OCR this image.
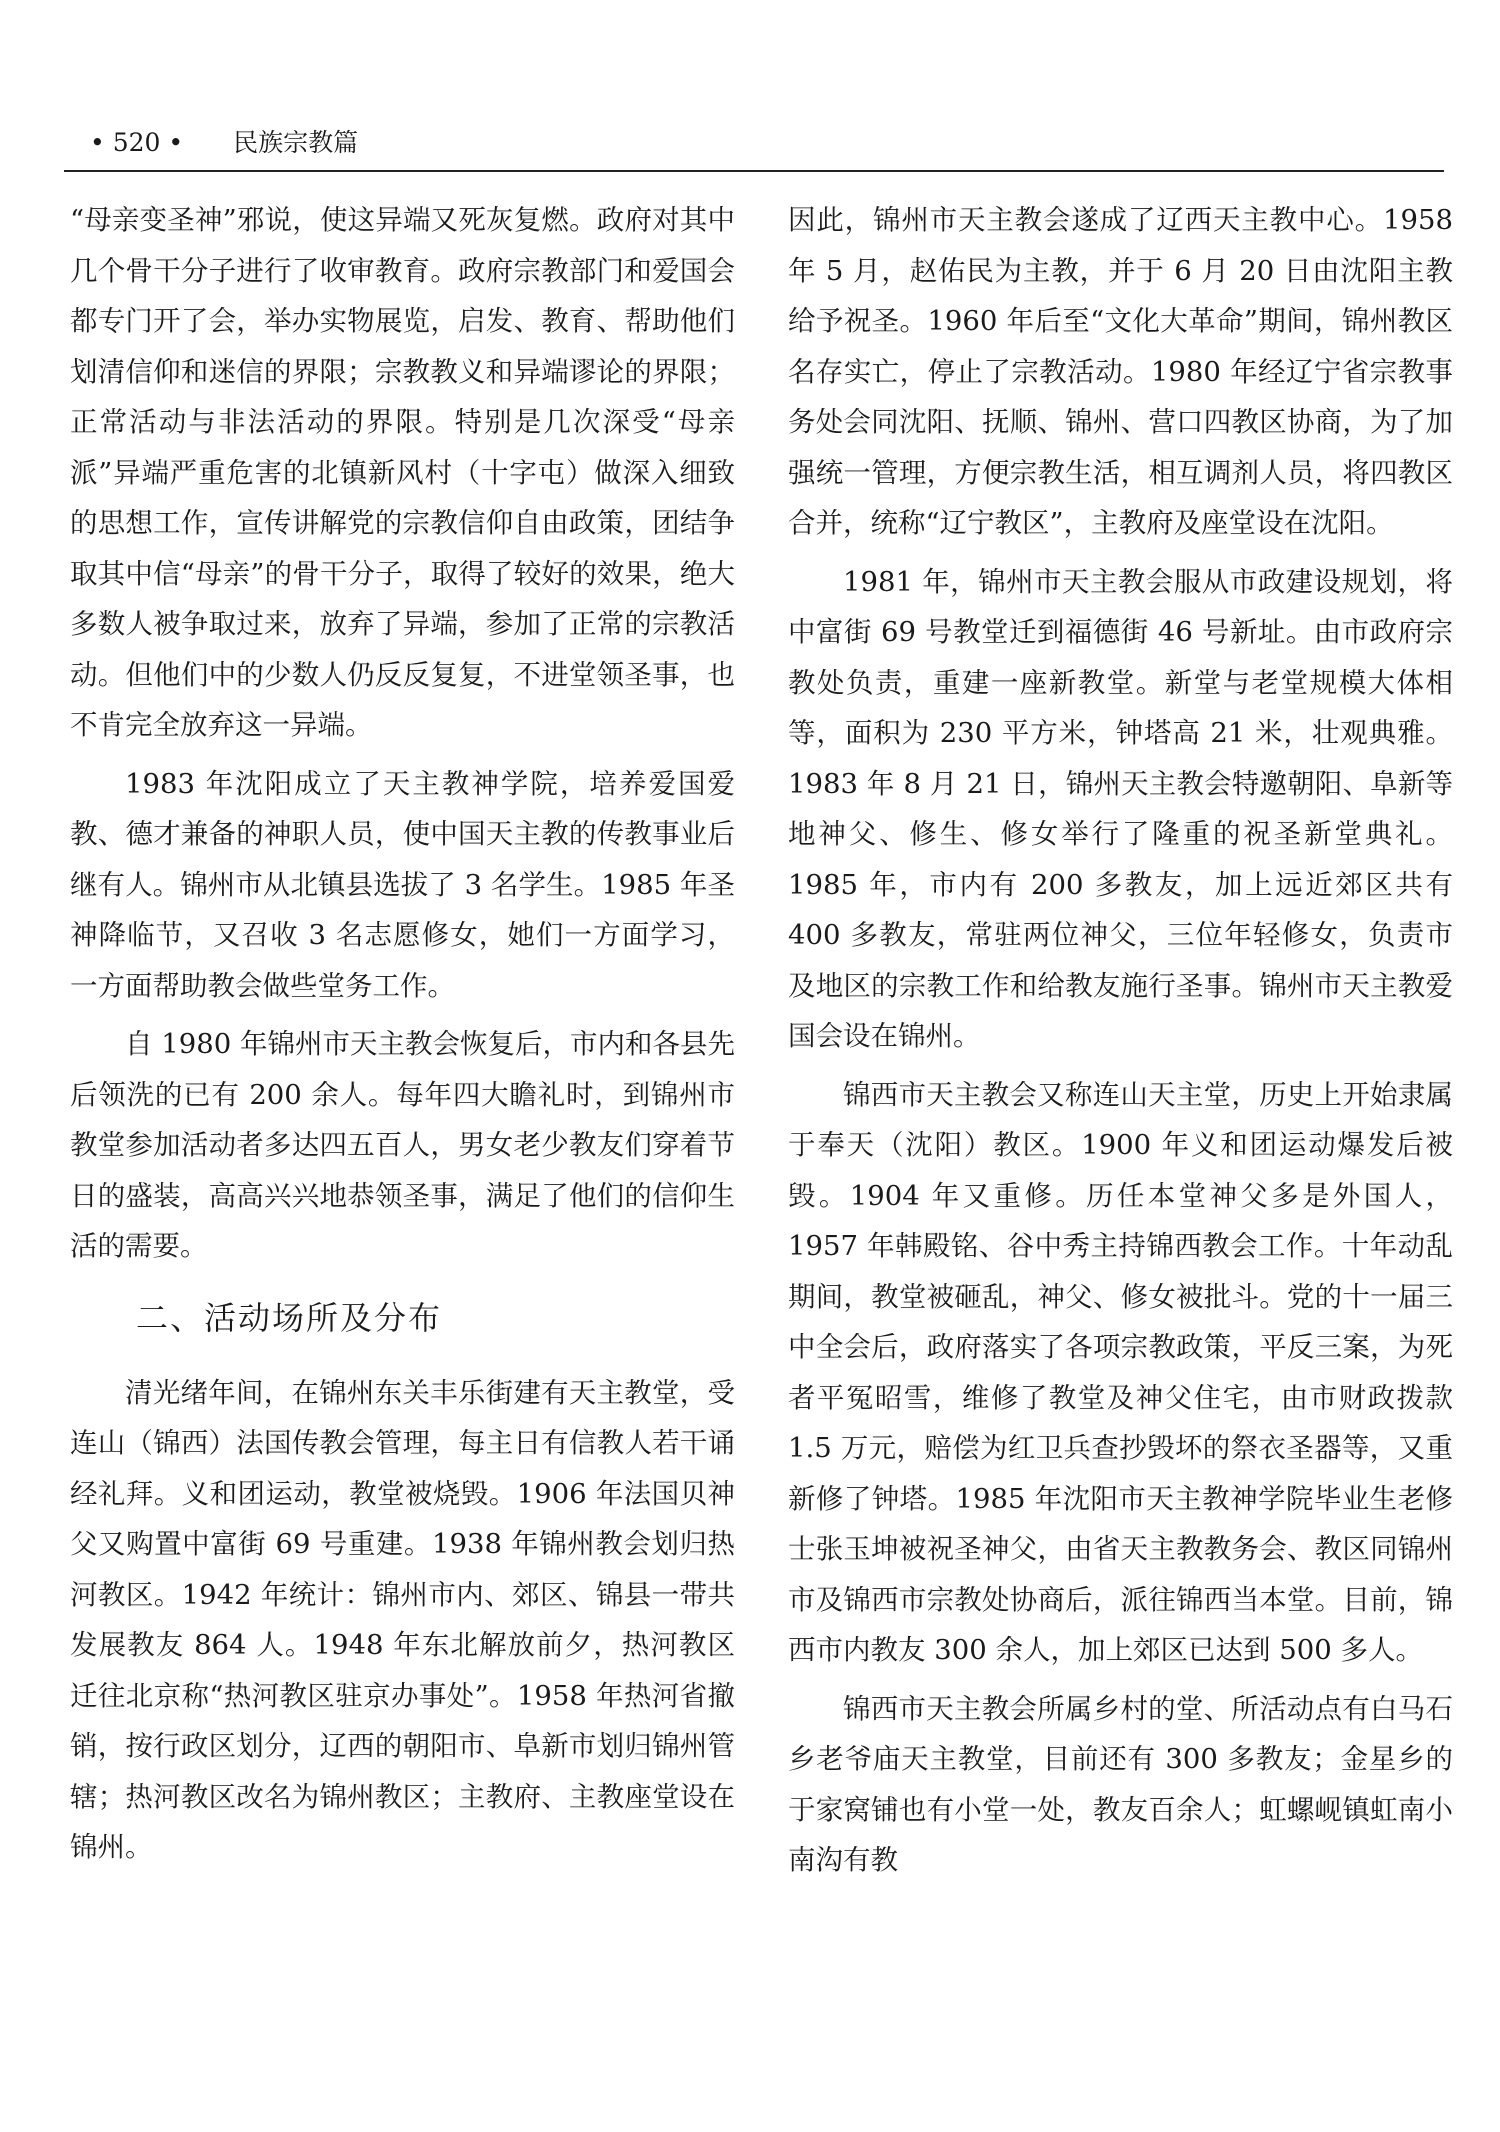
• 520 • 民族宗教篇

“母亲变圣神”邪说，使这异端又死灰复燃。政府对其中几个骨干分子进行了收审教育。政府宗教部门和爱国会都专门开了会，举办实物展览，启发、教育、帮助他们划清信仰和迷信的界限；宗教教义和异端谬论的界限；正常活动与非法活动的界限。特别是几次深受“母亲派”异端严重危害的北镇新风村（十字屯）做深入细致的思想工作，宣传讲解党的宗教信仰自由政策，团结争取其中信“母亲”的骨干分子，取得了较好的效果，绝大多数人被争取过来，放弃了异端，参加了正常的宗教活动。但他们中的少数人仍反反复复，不进堂领圣事，也不肯完全放弃这一异端。

1983 年沈阳成立了天主教神学院，培养爱国爱教、德才兼备的神职人员，使中国天主教的传教事业后继有人。锦州市从北镇县选拔了 3 名学生。1985 年圣神降临节，又召收 3 名志愿修女，她们一方面学习，一方面帮助教会做些堂务工作。

自 1980 年锦州市天主教会恢复后，市内和各县先后领洗的已有 200 余人。每年四大瞻礼时，到锦州市教堂参加活动者多达四五百人，男女老少教友们穿着节日的盛装，高高兴兴地恭领圣事，满足了他们的信仰生活的需要。

二、活动场所及分布

清光绪年间，在锦州东关丰乐街建有天主教堂，受连山（锦西）法国传教会管理，每主日有信教人若干诵经礼拜。义和团运动，教堂被烧毁。1906 年法国贝神父又购置中富街 69 号重建。1938 年锦州教会划归热河教区。1942 年统计：锦州市内、郊区、锦县一带共发展教友 864 人。1948 年东北解放前夕，热河教区迁往北京称“热河教区驻京办事处”。1958 年热河省撤销，按行政区划分，辽西的朝阳市、阜新市划归锦州管辖；热河教区改名为锦州教区；主教府、主教座堂设在锦州。

因此，锦州市天主教会遂成了辽西天主教中心。1958 年 5 月，赵佑民为主教，并于 6 月 20 日由沈阳主教给予祝圣。1960 年后至“文化大革命”期间，锦州教区名存实亡，停止了宗教活动。1980 年经辽宁省宗教事务处会同沈阳、抚顺、锦州、营口四教区协商，为了加强统一管理，方便宗教生活，相互调剂人员，将四教区合并，统称“辽宁教区”，主教府及座堂设在沈阳。

1981 年，锦州市天主教会服从市政建设规划，将中富街 69 号教堂迁到福德街 46 号新址。由市政府宗教处负责，重建一座新教堂。新堂与老堂规模大体相等，面积为 230 平方米，钟塔高 21 米，壮观典雅。1983 年 8 月 21 日，锦州天主教会特邀朝阳、阜新等地神父、修生、修女举行了隆重的祝圣新堂典礼。1985 年，市内有 200 多教友，加上远近郊区共有 400 多教友，常驻两位神父，三位年轻修女，负责市及地区的宗教工作和给教友施行圣事。锦州市天主教爱国会设在锦州。

锦西市天主教会又称连山天主堂，历史上开始隶属于奉天（沈阳）教区。1900 年义和团运动爆发后被毁。1904 年又重修。历任本堂神父多是外国人，1957 年韩殿铭、谷中秀主持锦西教会工作。十年动乱期间，教堂被砸乱，神父、修女被批斗。党的十一届三中全会后，政府落实了各项宗教政策，平反三案，为死者平冤昭雪，维修了教堂及神父住宅，由市财政拨款 1.5 万元，赔偿为红卫兵查抄毁坏的祭衣圣器等，又重新修了钟塔。1985 年沈阳市天主教神学院毕业生老修士张玉坤被祝圣神父，由省天主教教务会、教区同锦州市及锦西市宗教处协商后，派往锦西当本堂。目前，锦西市内教友 300 余人，加上郊区已达到 500 多人。

锦西市天主教会所属乡村的堂、所活动点有白马石乡老爷庙天主教堂，目前还有 300 多教友；金星乡的于家窝铺也有小堂一处，教友百余人；虹螺岘镇虹南小南沟有教
